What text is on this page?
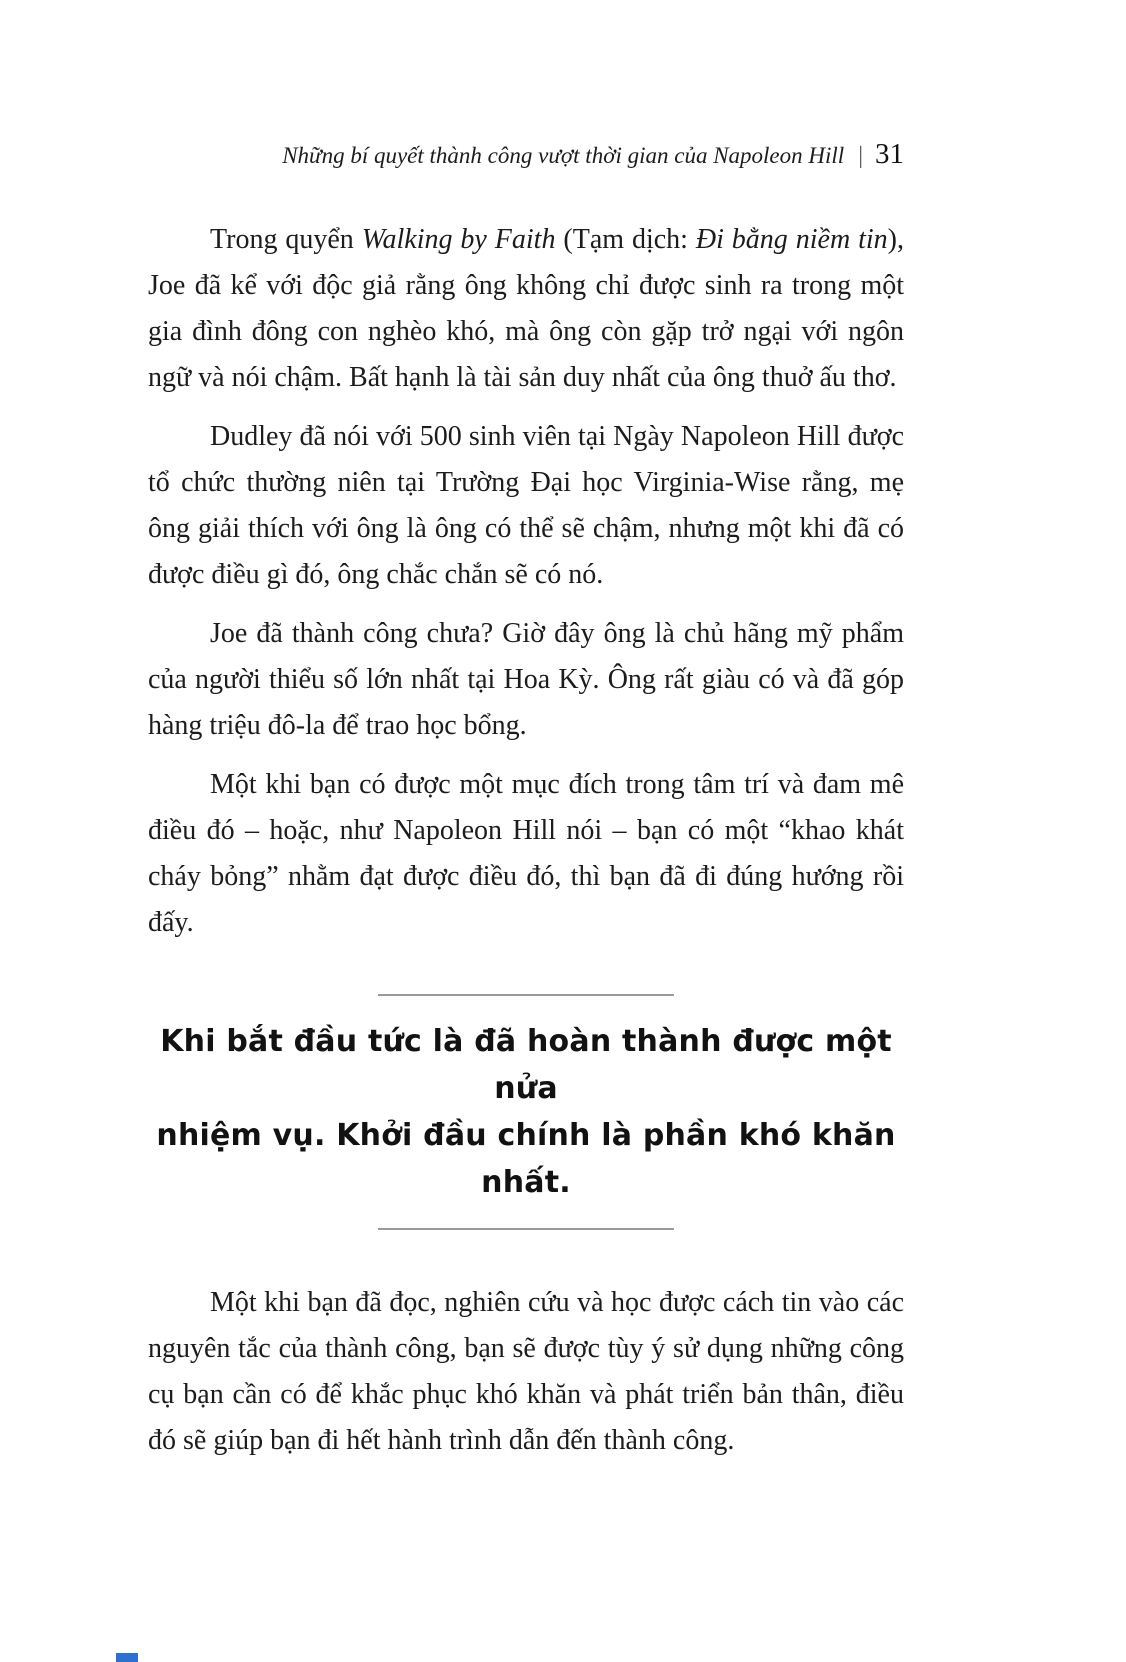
Những bí quyết thành công vượt thời gian của Napoleon Hill | 31

Trong quyển Walking by Faith (Tạm dịch: Đi bằng niềm tin), Joe đã kể với độc giả rằng ông không chỉ được sinh ra trong một gia đình đông con nghèo khó, mà ông còn gặp trở ngại với ngôn ngữ và nói chậm. Bất hạnh là tài sản duy nhất của ông thuở ấu thơ.

Dudley đã nói với 500 sinh viên tại Ngày Napoleon Hill được tổ chức thường niên tại Trường Đại học Virginia-Wise rằng, mẹ ông giải thích với ông là ông có thể sẽ chậm, nhưng một khi đã có được điều gì đó, ông chắc chắn sẽ có nó.

Joe đã thành công chưa? Giờ đây ông là chủ hãng mỹ phẩm của người thiểu số lớn nhất tại Hoa Kỳ. Ông rất giàu có và đã góp hàng triệu đô-la để trao học bổng.

Một khi bạn có được một mục đích trong tâm trí và đam mê điều đó – hoặc, như Napoleon Hill nói – bạn có một “khao khát cháy bỏng” nhằm đạt được điều đó, thì bạn đã đi đúng hướng rồi đấy.

Khi bắt đầu tức là đã hoàn thành được một nửa
nhiệm vụ. Khởi đầu chính là phần khó khăn nhất.

Một khi bạn đã đọc, nghiên cứu và học được cách tin vào các nguyên tắc của thành công, bạn sẽ được tùy ý sử dụng những công cụ bạn cần có để khắc phục khó khăn và phát triển bản thân, điều đó sẽ giúp bạn đi hết hành trình dẫn đến thành công.
